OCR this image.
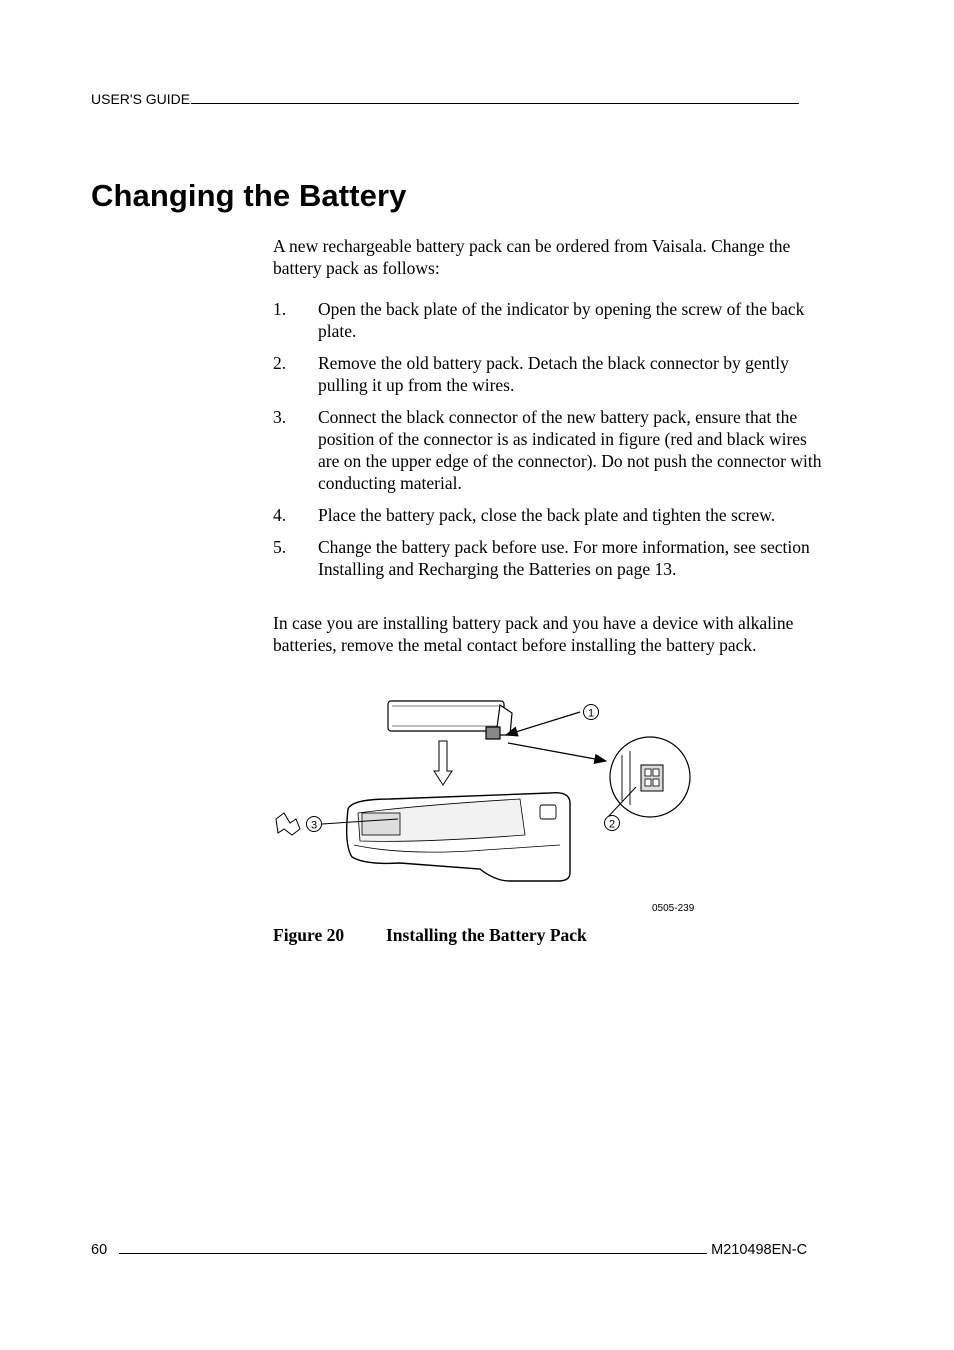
USER'S GUIDE
Changing the Battery

A new rechargeable battery pack can be ordered from Vaisala. Change the battery pack as follows:

1. Open the back plate of the indicator by opening the screw of the back plate.
2. Remove the old battery pack. Detach the black connector by gently pulling it up from the wires.
3. Connect the black connector of the new battery pack, ensure that the position of the connector is as indicated in figure (red and black wires are on the upper edge of the connector). Do not push the connector with conducting material.
4. Place the battery pack, close the back plate and tighten the screw.
5. Change the battery pack before use. For more information, see section Installing and Recharging the Batteries on page 13.

In case you are installing battery pack and you have a device with alkaline batteries, remove the metal contact before installing the battery pack.

1
2
3
0505-239
Figure 20 Installing the Battery Pack
60	M210498EN-C
